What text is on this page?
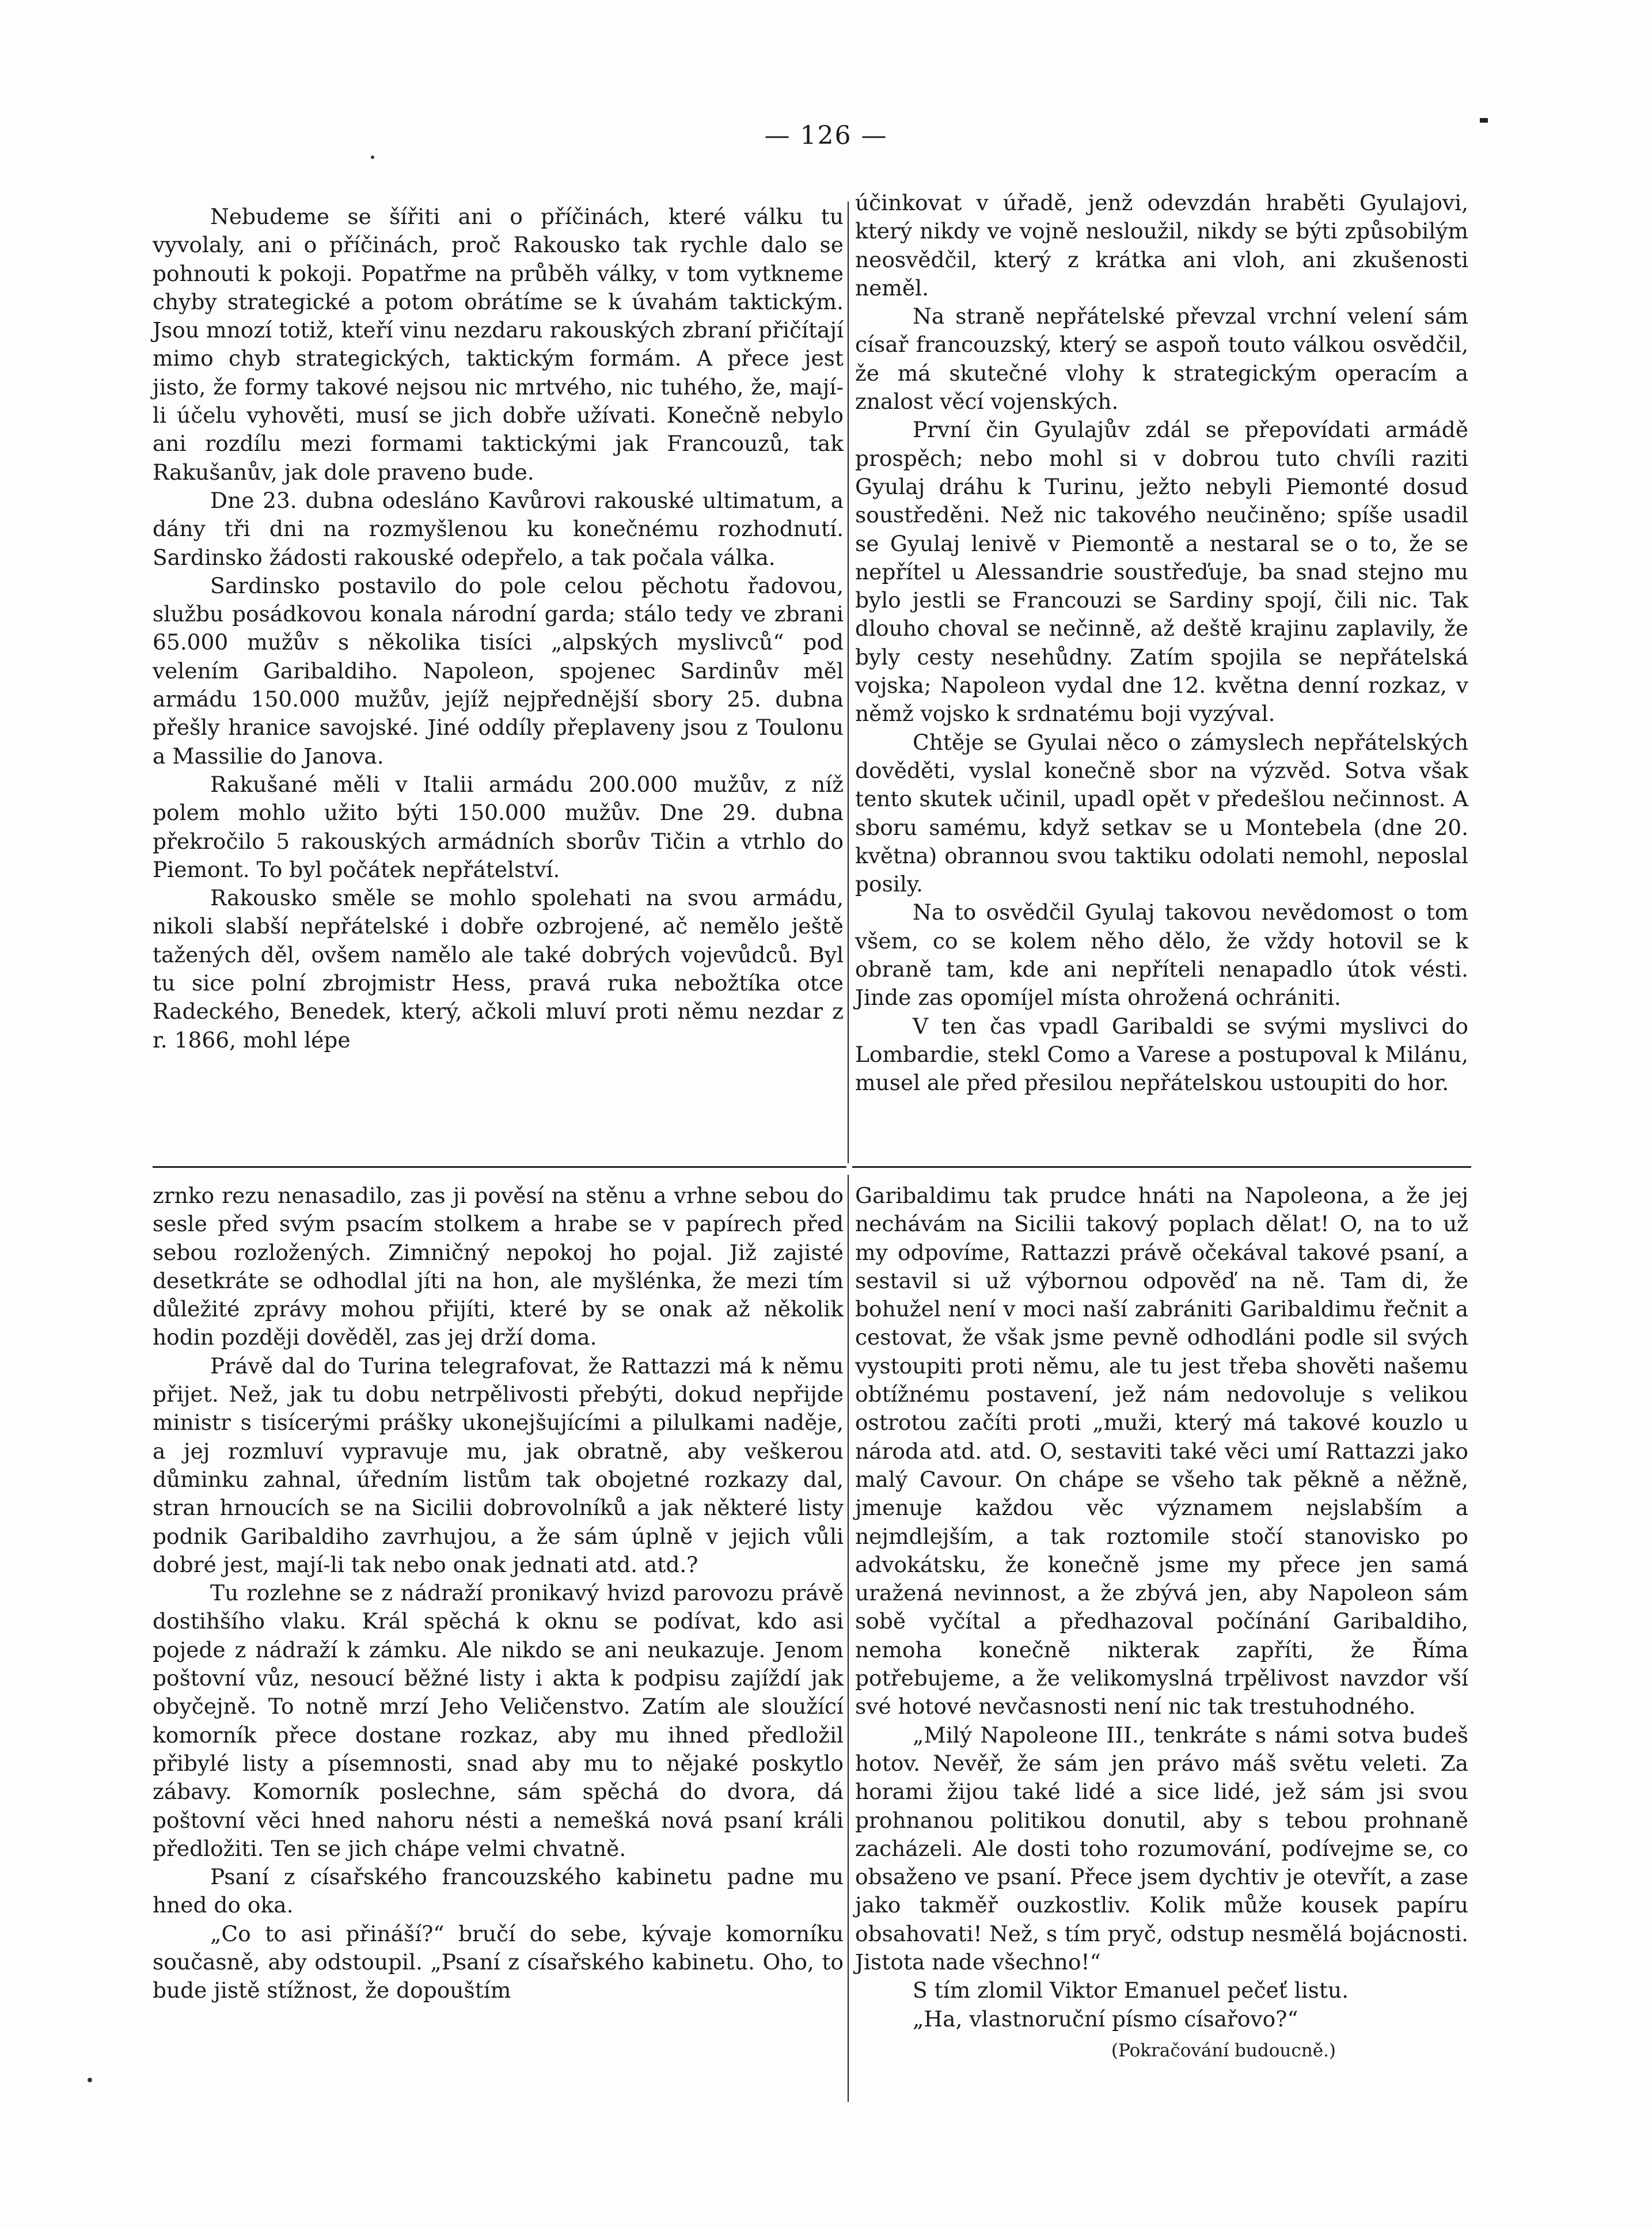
— 126 —

Nebudeme se šířiti ani o příčinách, které válku tu vyvolaly, ani o příčinách, proč Rakousko tak rychle dalo se pohnouti k pokoji. Popatřme na průběh války, v tom vytkneme chyby strategické a potom obrátíme se k úvahám taktickým. Jsou mnozí totiž, kteří vinu nezdaru rakouských zbraní přičítají mimo chyb strategických, taktickým formám. A přece jest jisto, že formy takové nejsou nic mrtvého, nic tuhého, že, mají-li účelu vyhověti, musí se jich dobře užívati. Konečně nebylo ani rozdílu mezi formami taktickými jak Francouzů, tak Rakušanův, jak dole praveno bude.

Dne 23. dubna odesláno Kavůrovi rakouské ultimatum, a dány tři dni na rozmyšlenou ku konečnému rozhodnutí. Sardinsko žádosti rakouské odepřelo, a tak počala válka.

Sardinsko postavilo do pole celou pěchotu řadovou, službu posádkovou konala národní garda; stálo tedy ve zbrani 65.000 mužův s několika tisíci „alpských myslivců“ pod velením Garibaldiho. Napoleon, spojenec Sardinův měl armádu 150.000 mužův, jejíž nejpřednější sbory 25. dubna přešly hranice savojské. Jiné oddíly přeplaveny jsou z Toulonu a Massilie do Janova.

Rakušané měli v Italii armádu 200.000 mužův, z níž polem mohlo užito býti 150.000 mužův. Dne 29. dubna překročilo 5 rakouských armádních sborův Tičin a vtrhlo do Piemont. To byl počátek nepřátelství.

Rakousko směle se mohlo spolehati na svou armádu, nikoli slabší nepřátelské i dobře ozbrojené, ač nemělo ještě tažených děl, ovšem namělo ale také dobrých vojevůdců. Byl tu sice polní zbrojmistr Hess, pravá ruka nebožtíka otce Radeckého, Benedek, který, ačkoli mluví proti němu nezdar z r. 1866, mohl lépe

účinkovat v úřadě, jenž odevzdán hraběti Gyulajovi, který nikdy ve vojně nesloužil, nikdy se býti způsobilým neosvědčil, který z krátka ani vloh, ani zkušenosti neměl.

Na straně nepřátelské převzal vrchní velení sám císař francouzský, který se aspoň touto válkou osvědčil, že má skutečné vlohy k strategickým operacím a znalost věcí vojenských.

První čin Gyulajův zdál se přepovídati armádě prospěch; nebo mohl si v dobrou tuto chvíli raziti Gyulaj dráhu k Turinu, ježto nebyli Piemonté dosud soustředěni. Než nic takového neučiněno; spíše usadil se Gyulaj lenivě v Piemontě a nestaral se o to, že se nepřítel u Alessandrie soustřeďuje, ba snad stejno mu bylo jestli se Francouzi se Sardiny spojí, čili nic. Tak dlouho choval se nečinně, až deště krajinu zaplavily, že byly cesty nesehůdny. Zatím spojila se nepřátelská vojska; Napoleon vydal dne 12. května denní rozkaz, v němž vojsko k srdnatému boji vyzýval.

Chtěje se Gyulai něco o zámyslech nepřátelských dověděti, vyslal konečně sbor na výzvěd. Sotva však tento skutek učinil, upadl opět v předešlou nečinnost. A sboru samému, když setkav se u Montebela (dne 20. května) obrannou svou taktiku odolati nemohl, neposlal posily.

Na to osvědčil Gyulaj takovou nevědomost o tom všem, co se kolem něho dělo, že vždy hotovil se k obraně tam, kde ani nepříteli nenapadlo útok vésti. Jinde zas opomíjel místa ohrožená ochrániti.

V ten čas vpadl Garibaldi se svými myslivci do Lombardie, stekl Como a Varese a postupoval k Milánu, musel ale před přesilou nepřátelskou ustoupiti do hor.

zrnko rezu nenasadilo, zas ji pověsí na stěnu a vrhne sebou do sesle před svým psacím stolkem a hrabe se v papírech před sebou rozložených. Zimničný nepokoj ho pojal. Již zajisté desetkráte se odhodlal jíti na hon, ale myšlénka, že mezi tím důležité zprávy mohou přijíti, které by se onak až několik hodin později dověděl, zas jej drží doma.

Právě dal do Turina telegrafovat, že Rattazzi má k němu přijet. Než, jak tu dobu netrpělivosti přebýti, dokud nepřijde ministr s tisícerými prášky ukonejšujícími a pilulkami naděje, a jej rozmluví vypravuje mu, jak obratně, aby veškerou důminku zahnal, úředním listům tak obojetné rozkazy dal, stran hrnoucích se na Sicilii dobrovolníků a jak některé listy podnik Garibaldiho zavrhujou, a že sám úplně v jejich vůli dobré jest, mají-li tak nebo onak jednati atd. atd.?

Tu rozlehne se z nádraží pronikavý hvizd parovozu právě dostihšího vlaku. Král spěchá k oknu se podívat, kdo asi pojede z nádraží k zámku. Ale nikdo se ani neukazuje. Jenom poštovní vůz, nesoucí běžné listy i akta k podpisu zajíždí jak obyčejně. To notně mrzí Jeho Veličenstvo. Zatím ale sloužící komorník přece dostane rozkaz, aby mu ihned předložil přibylé listy a písemnosti, snad aby mu to nějaké poskytlo zábavy. Komorník poslechne, sám spěchá do dvora, dá poštovní věci hned nahoru nésti a nemešká nová psaní králi předložiti. Ten se jich chápe velmi chvatně.

Psaní z císařského francouzského kabinetu padne mu hned do oka.

„Co to asi přináší?“ bručí do sebe, kývaje komorníku současně, aby odstoupil. „Psaní z císařského kabinetu. Oho, to bude jistě stížnost, že dopouštím

Garibaldimu tak prudce hnáti na Napoleona, a že jej nechávám na Sicilii takový poplach dělat! O, na to už my odpovíme, Rattazzi právě očekával takové psaní, a sestavil si už výbornou odpověď na ně. Tam di, že bohužel není v moci naší zabrániti Garibaldimu řečnit a cestovat, že však jsme pevně odhodláni podle sil svých vystoupiti proti němu, ale tu jest třeba shověti našemu obtížnému postavení, jež nám nedovoluje s velikou ostrotou začíti proti „muži, který má takové kouzlo u národa atd. atd. O, sestaviti také věci umí Rattazzi jako malý Cavour. On chápe se všeho tak pěkně a něžně, jmenuje každou věc významem nejslabším a nejmdlejším, a tak roztomile stočí stanovisko po advokátsku, že konečně jsme my přece jen samá uražená nevinnost, a že zbývá jen, aby Napoleon sám sobě vyčítal a předhazoval počínání Garibaldiho, nemoha konečně nikterak zapříti, že Říma potřebujeme, a že velikomyslná trpělivost navzdor vší své hotové nevčasnosti není nic tak trestuhodného.

„Milý Napoleone III., tenkráte s námi sotva budeš hotov. Nevěř, že sám jen právo máš světu veleti. Za horami žijou také lidé a sice lidé, jež sám jsi svou prohnanou politikou donutil, aby s tebou prohnaně zacházeli. Ale dosti toho rozumování, podívejme se, co obsaženo ve psaní. Přece jsem dychtiv je otevřít, a zase jako takměř ouzkostliv. Kolik může kousek papíru obsahovati! Než, s tím pryč, odstup nesmělá bojácnosti. Jistota nade všechno!“

S tím zlomil Viktor Emanuel pečeť listu.

„Ha, vlastnoruční písmo císařovo?“

(Pokračování budoucně.)
